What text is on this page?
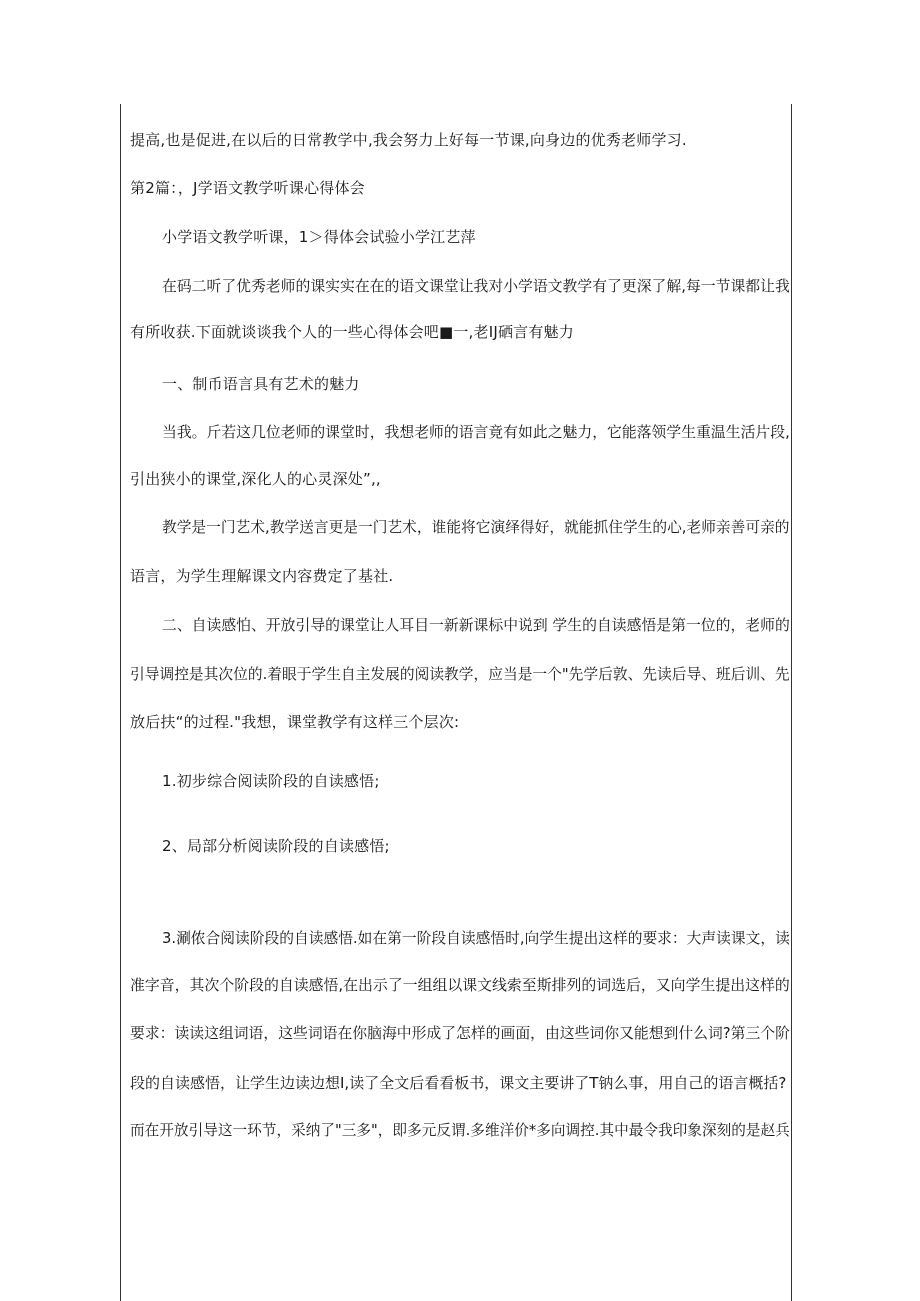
提高,也是促进,在以后的日常教学中,我会努力上好每一节课,向身边的优秀老师学习.
第2篇：，J学语文教学听课心得体会
小学语文教学听课，1＞得体会试验小学江艺萍
在码二听了优秀老师的课实实在在的语文课堂让我对小学语文教学有了更深了解,每一节课都让我
有所收获.下面就谈谈我个人的一些心得体会吧■一,老IJ硒言有魅力
一、制币语言具有艺术的魅力
当我。斤若这几位老师的课堂时，我想老师的语言竟有如此之魅力，它能落领学生重温生活片段,
引出狭小的课堂,深化人的心灵深处”,,
教学是一门艺术,教学送言更是一门艺术，谁能将它演绎得好，就能抓住学生的心,老师亲善可亲的
语言，为学生理解课文内容费定了基社.
二、自读感怕、开放引导的课堂让人耳目一新新课标中说到 学生的自读感悟是第一位的，老师的
引导调控是其次位的.着眼于学生自主发展的阅读教学，应当是一个"先学后敦、先读后导、班后训、先
放后扶“的过程."我想，课堂教学有这样三个层次:
1.初步综合阅读阶段的自读感悟;
2、局部分析阅读阶段的自读感悟;
3.涮侬合阅读阶段的自读感悟.如在第一阶段自读感悟时,向学生提出这样的要求：大声读课文，读
准字音，其次个阶段的自读感悟,在出示了一组组以课文线索至斯排列的词选后，又向学生提出这样的
要求：读读这组词语，这些词语在你脑海中形成了怎样的画面，由这些词你又能想到什么词?第三个阶
段的自读感悟，让学生边读边想I,读了全文后看看板书，课文主要讲了T钠么事，用自己的语言概括?
而在开放引导这一环节，采纳了"三多"，即多元反谓.多维洋价*多向调控.其中最令我印象深刻的是赵兵
